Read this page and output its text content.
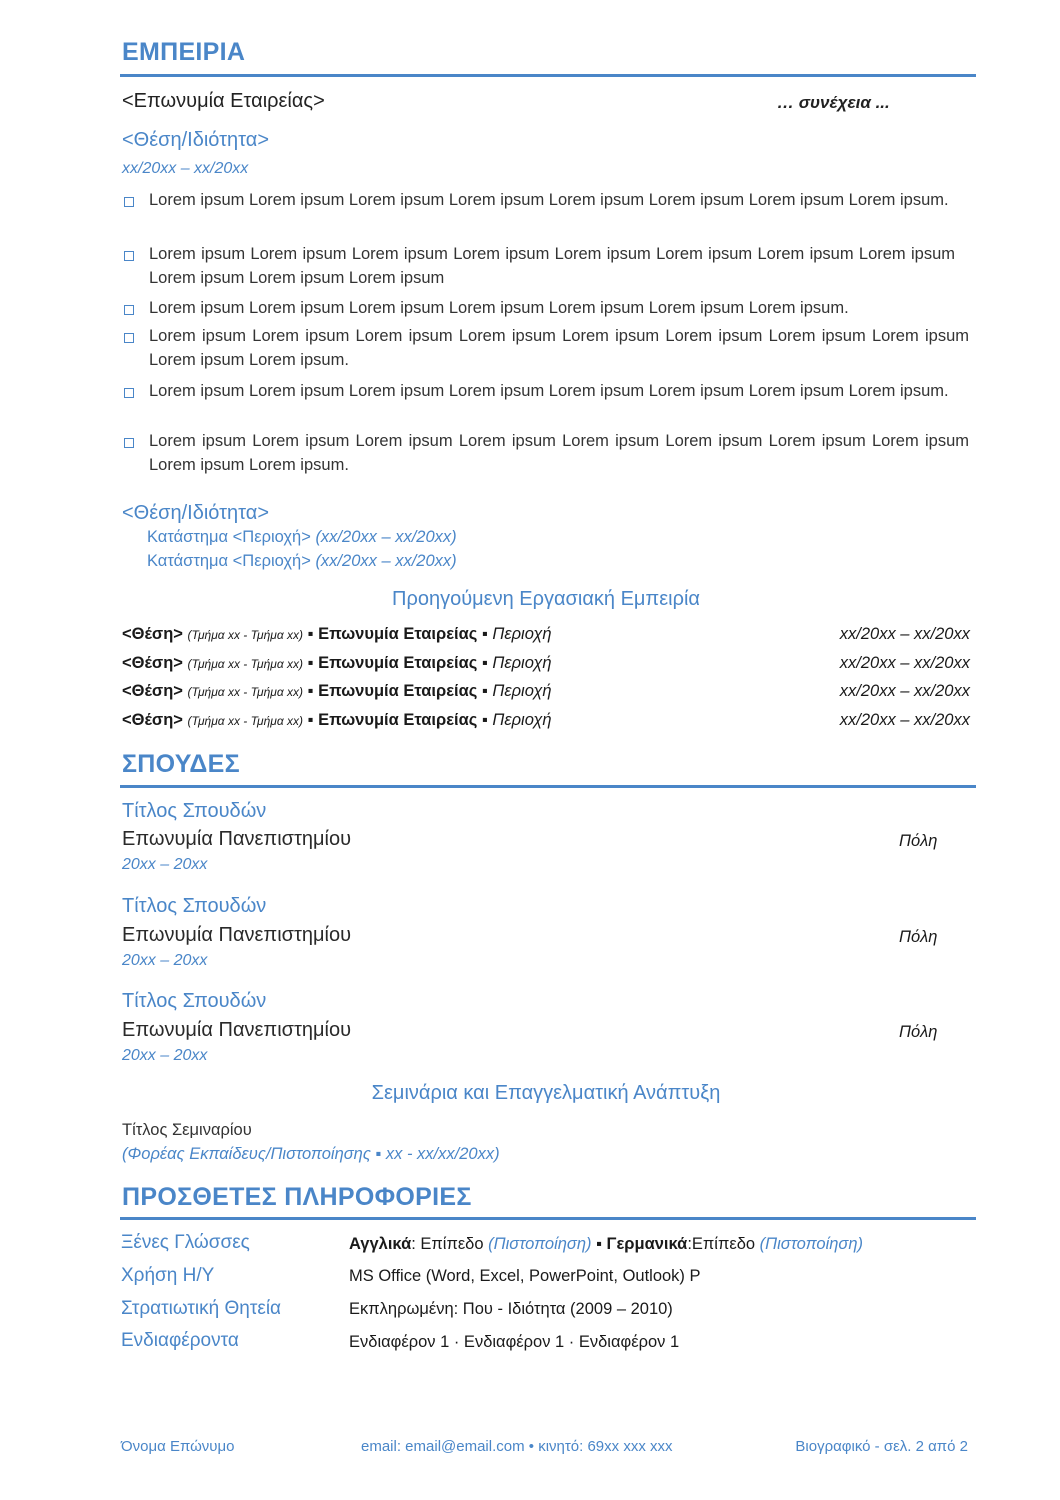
ΕΜΠΕΙΡΙΑ
<Επωνυμία Εταιρείας>	… συνέχεια ...
<Θέση/Ιδιότητα>
xx/20xx – xx/20xx
Lorem ipsum Lorem ipsum Lorem ipsum Lorem ipsum Lorem ipsum Lorem ipsum Lorem ipsum Lorem ipsum.
Lorem ipsum Lorem ipsum Lorem ipsum Lorem ipsum Lorem ipsum Lorem ipsum Lorem ipsum Lorem ipsum Lorem ipsum Lorem ipsum Lorem ipsum
Lorem ipsum Lorem ipsum Lorem ipsum Lorem ipsum Lorem ipsum Lorem ipsum Lorem ipsum.
Lorem ipsum Lorem ipsum Lorem ipsum Lorem ipsum Lorem ipsum Lorem ipsum Lorem ipsum Lorem ipsum Lorem ipsum Lorem ipsum.
Lorem ipsum Lorem ipsum Lorem ipsum Lorem ipsum Lorem ipsum Lorem ipsum Lorem ipsum Lorem ipsum.
Lorem ipsum Lorem ipsum Lorem ipsum Lorem ipsum Lorem ipsum Lorem ipsum Lorem ipsum Lorem ipsum Lorem ipsum Lorem ipsum.
<Θέση/Ιδιότητα>
Κατάστημα <Περιοχή> (xx/20xx – xx/20xx)
Κατάστημα <Περιοχή> (xx/20xx – xx/20xx)
Προηγούμενη Εργασιακή Εμπειρία
<Θέση> (Τμήμα xx - Τμήμα xx) ▪ Επωνυμία Εταιρείας ▪ Περιοχή	xx/20xx – xx/20xx
<Θέση> (Τμήμα xx - Τμήμα xx) ▪ Επωνυμία Εταιρείας ▪ Περιοχή	xx/20xx – xx/20xx
<Θέση> (Τμήμα xx - Τμήμα xx) ▪ Επωνυμία Εταιρείας ▪ Περιοχή	xx/20xx – xx/20xx
<Θέση> (Τμήμα xx - Τμήμα xx) ▪ Επωνυμία Εταιρείας ▪ Περιοχή	xx/20xx – xx/20xx
ΣΠΟΥΔΕΣ
Τίτλος Σπουδών
Επωνυμία Πανεπιστημίου	Πόλη
20xx – 20xx
Τίτλος Σπουδών
Επωνυμία Πανεπιστημίου	Πόλη
20xx – 20xx
Τίτλος Σπουδών
Επωνυμία Πανεπιστημίου	Πόλη
20xx – 20xx
Σεμινάρια και Επαγγελματική Ανάπτυξη
Τίτλος Σεμιναρίου
(Φορέας Εκπαίδευς/Πιστοποίησης ▪ xx - xx/xx/20xx)
ΠΡΟΣΘΕΤΕΣ ΠΛΗΡΟΦΟΡΙΕΣ
Ξένες Γλώσσες	Αγγλικά: Επίπεδο (Πιστοποίηση) ▪ Γερμανικά:Επίπεδο (Πιστοποίηση)
Χρήση Η/Υ	MS Office (Word, Excel, PowerPoint, Outlook) P
Στρατιωτική Θητεία	Εκπληρωμένη: Που - Ιδιότητα (2009 – 2010)
Ενδιαφέροντα	Ενδιαφέρον 1 · Ενδιαφέρον 1 · Ενδιαφέρον 1
Όνομα Επώνυμο	email: email@email.com • κινητό: 69xx xxx xxx	Βιογραφικό - σελ. 2 από 2
